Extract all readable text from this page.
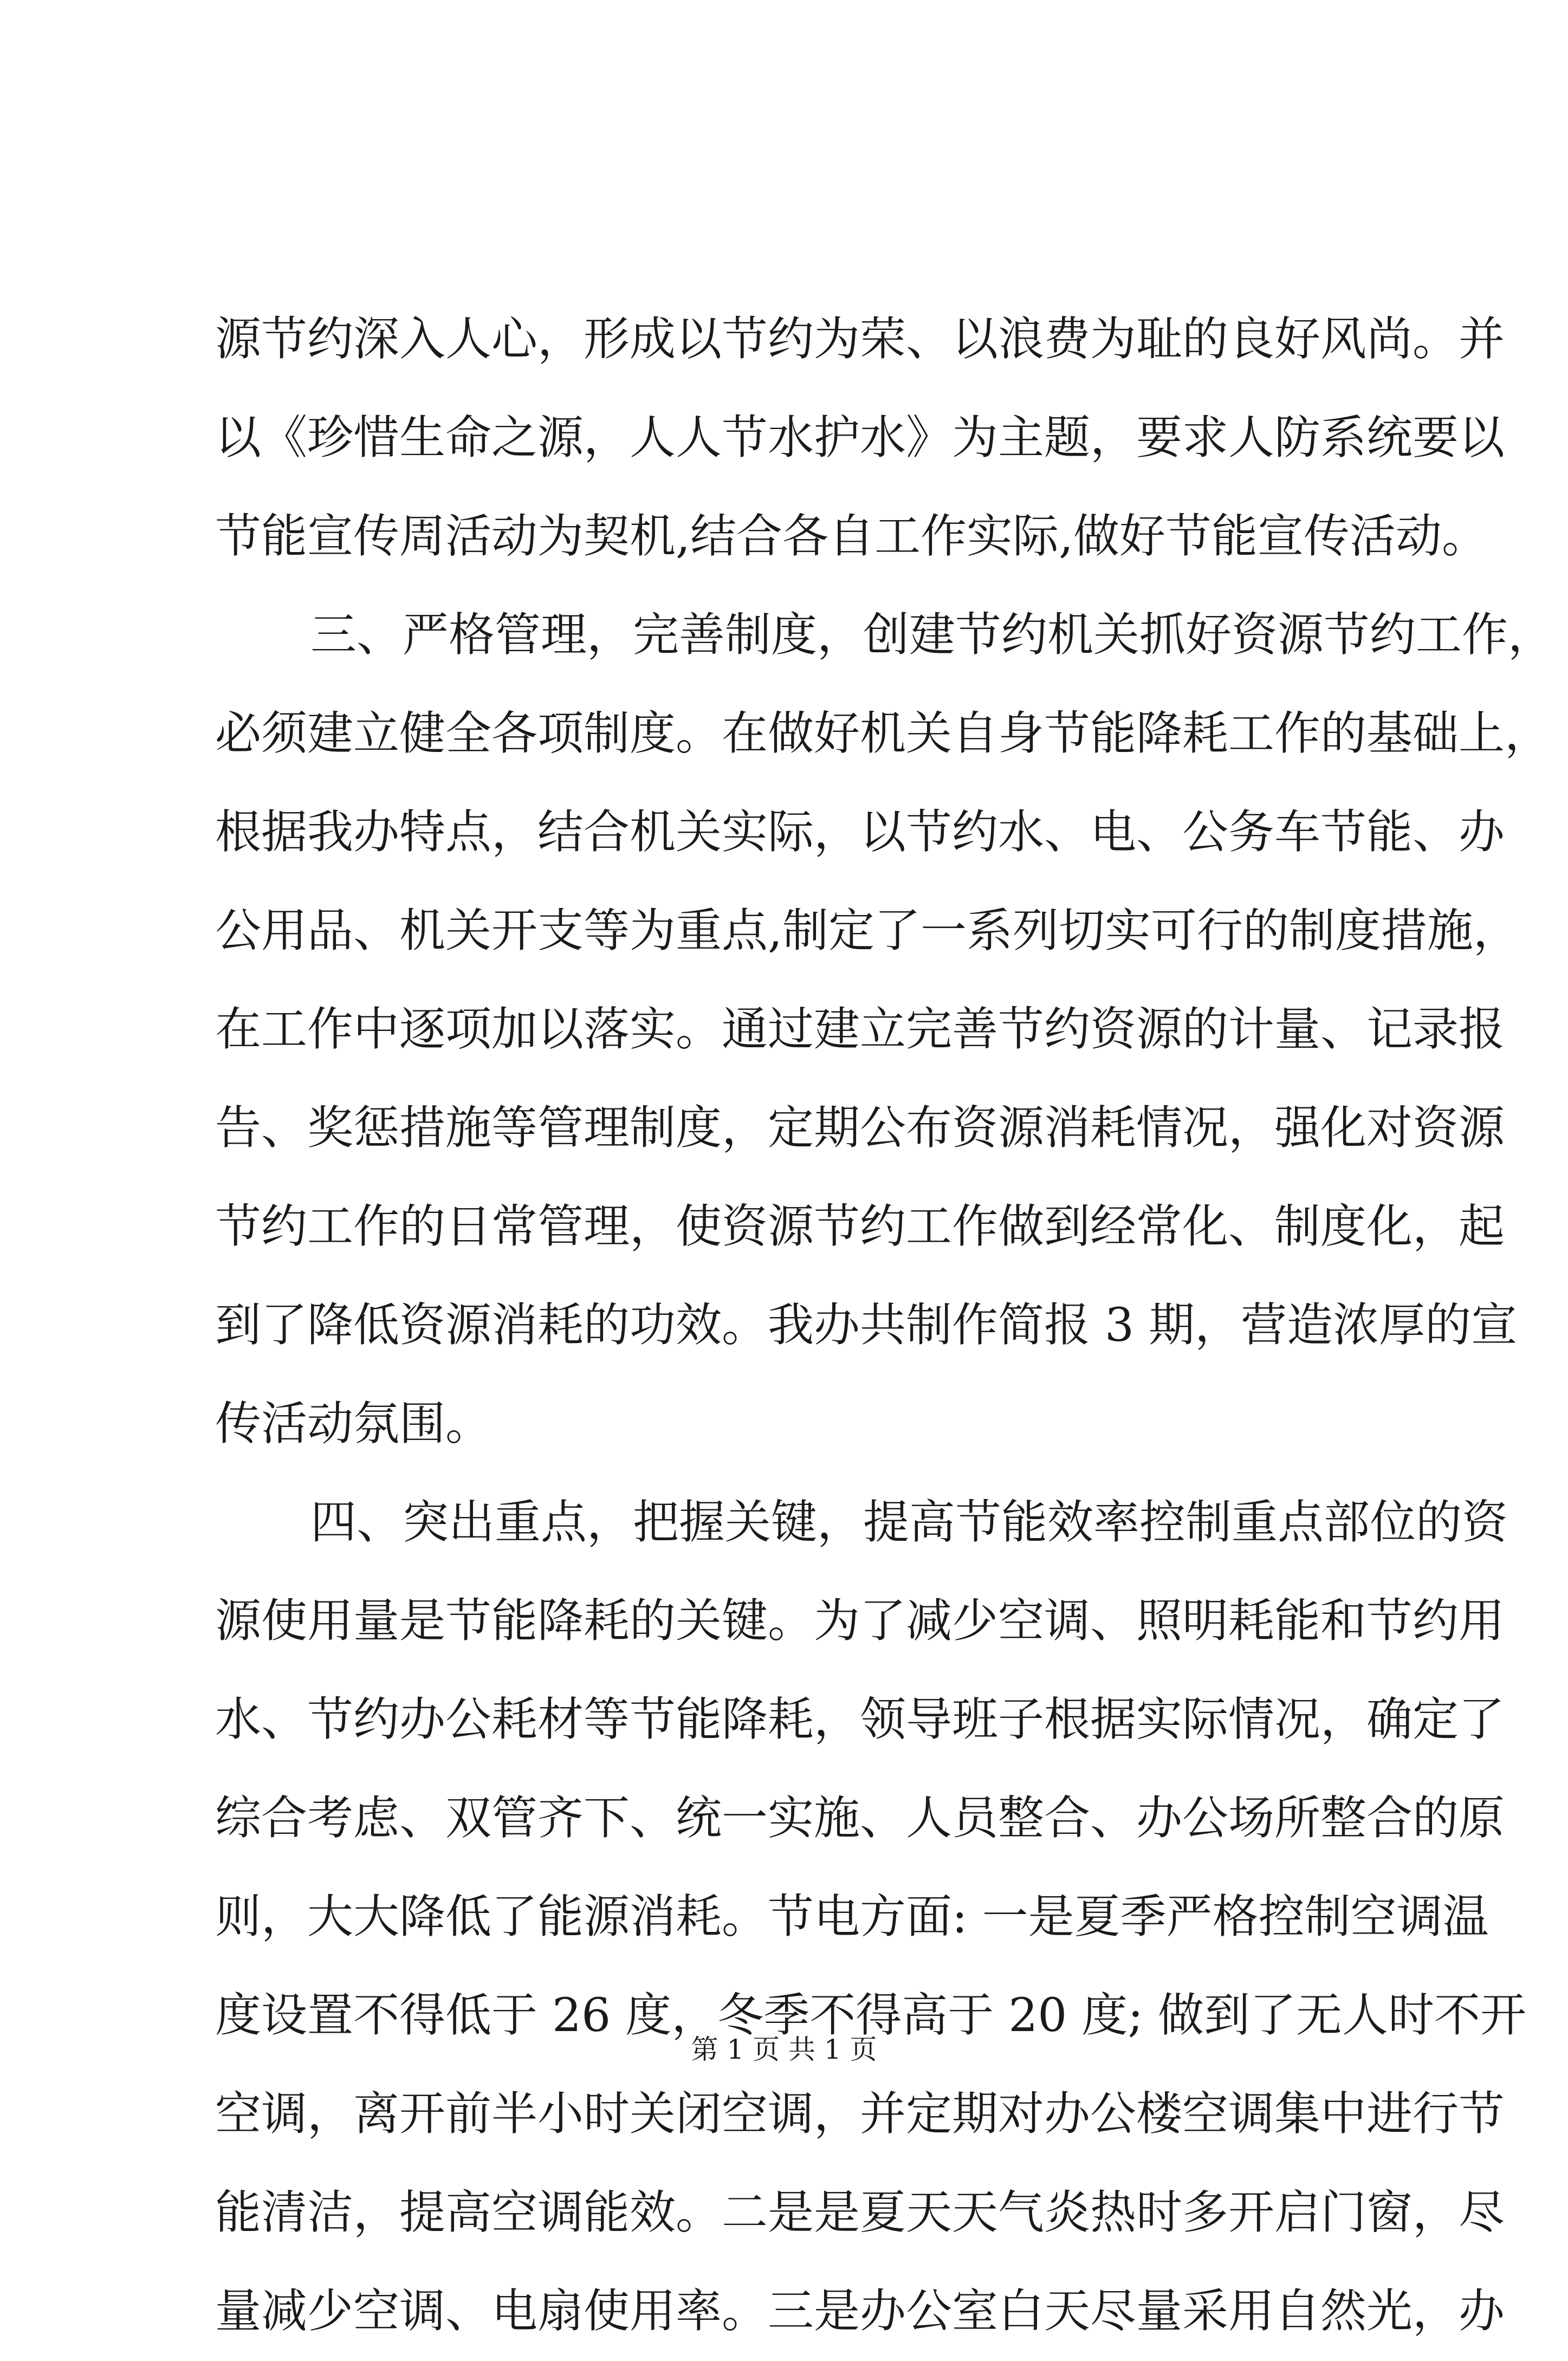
源节约深入人心，形成以节约为荣、以浪费为耻的良好风尚。并
以《珍惜生命之源，人人节水护水》为主题，要求人防系统要以
节能宣传周活动为契机,结合各自工作实际,做好节能宣传活动。
三、严格管理，完善制度，创建节约机关抓好资源节约工作，
必须建立健全各项制度。在做好机关自身节能降耗工作的基础上，
根据我办特点，结合机关实际，以节约水、电、公务车节能、办
公用品、机关开支等为重点,制定了一系列切实可行的制度措施，
在工作中逐项加以落实。通过建立完善节约资源的计量、记录报
告、奖惩措施等管理制度，定期公布资源消耗情况，强化对资源
节约工作的日常管理，使资源节约工作做到经常化、制度化，起
到了降低资源消耗的功效。我办共制作简报 3 期，营造浓厚的宣
传活动氛围。
四、突出重点，把握关键，提高节能效率控制重点部位的资
源使用量是节能降耗的关键。为了减少空调、照明耗能和节约用
水、节约办公耗材等节能降耗，领导班子根据实际情况，确定了
综合考虑、双管齐下、统一实施、人员整合、办公场所整合的原
则，大大降低了能源消耗。节电方面: 一是夏季严格控制空调温
度设置不得低于 26 度，冬季不得高于 20 度; 做到了无人时不开
空调，离开前半小时关闭空调，并定期对办公楼空调集中进行节
能清洁，提高空调能效。二是是夏天天气炎热时多开启门窗，尽
量减少空调、电扇使用率。三是办公室白天尽量采用自然光，办
第 1 页 共 1 页
